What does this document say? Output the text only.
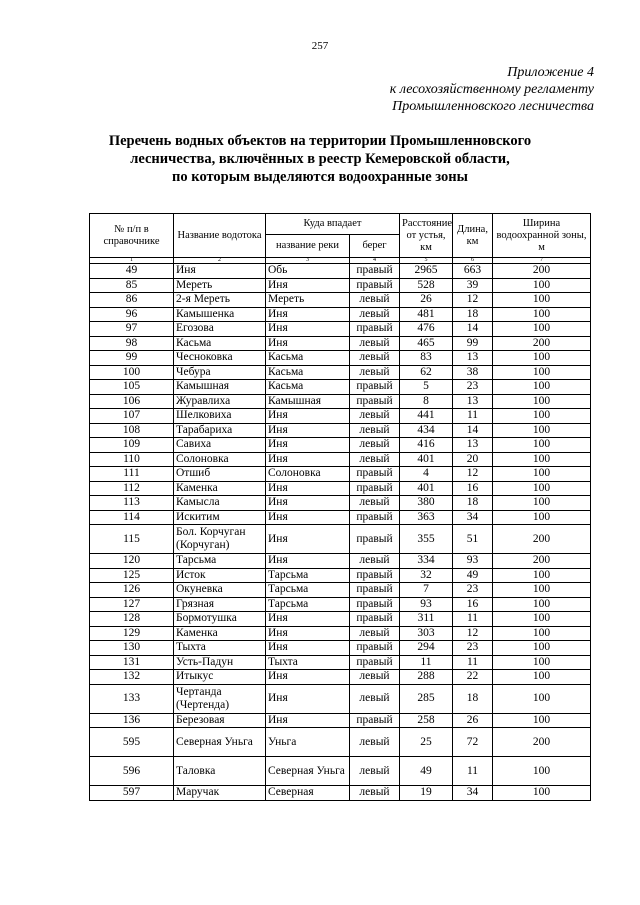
257
Приложение 4
к лесохозяйственному регламенту
Промышленновского лесничества
Перечень водных объектов на территории Промышленновского
лесничества, включённых в реестр Кемеровской области,
по которым выделяются водоохранные зоны
№ п/п в справочнике	Название водотока	Куда впадает		Расстояние от устья, км	Длина, км	Ширина водоохранной зоны, м
		название реки	берег			
1	2	3	4	5	6	7
49	Иня	Обь	правый	2965	663	200
85	Мереть	Иня	правый	528	39	100
86	2-я Мереть	Мереть	левый	26	12	100
96	Камышенка	Иня	левый	481	18	100
97	Егозова	Иня	правый	476	14	100
98	Касьма	Иня	левый	465	99	200
99	Чесноковка	Касьма	левый	83	13	100
100	Чебура	Касьма	левый	62	38	100
105	Камышная	Касьма	правый	5	23	100
106	Журавлиха	Камышная	правый	8	13	100
107	Шелковиха	Иня	левый	441	11	100
108	Тарабариха	Иня	левый	434	14	100
109	Савиха	Иня	левый	416	13	100
110	Солоновка	Иня	левый	401	20	100
111	Отшиб	Солоновка	правый	4	12	100
112	Каменка	Иня	правый	401	16	100
113	Камысла	Иня	левый	380	18	100
114	Искитим	Иня	правый	363	34	100
115	Бол. Корчуган (Корчуган)	Иня	правый	355	51	200
120	Тарсьма	Иня	левый	334	93	200
125	Исток	Тарсьма	правый	32	49	100
126	Окуневка	Тарсьма	правый	7	23	100
127	Грязная	Тарсьма	правый	93	16	100
128	Бормотушка	Иня	правый	311	11	100
129	Каменка	Иня	левый	303	12	100
130	Тыхта	Иня	правый	294	23	100
131	Усть-Падун	Тыхта	правый	11	11	100
132	Итыкус	Иня	левый	288	22	100
133	Чертанда (Чертенда)	Иня	левый	285	18	100
136	Березовая	Иня	правый	258	26	100
595	Северная Уньга	Уньга	левый	25	72	200
596	Таловка	Северная Уньга	левый	49	11	100
597	Маручак	Северная	левый	19	34	100
